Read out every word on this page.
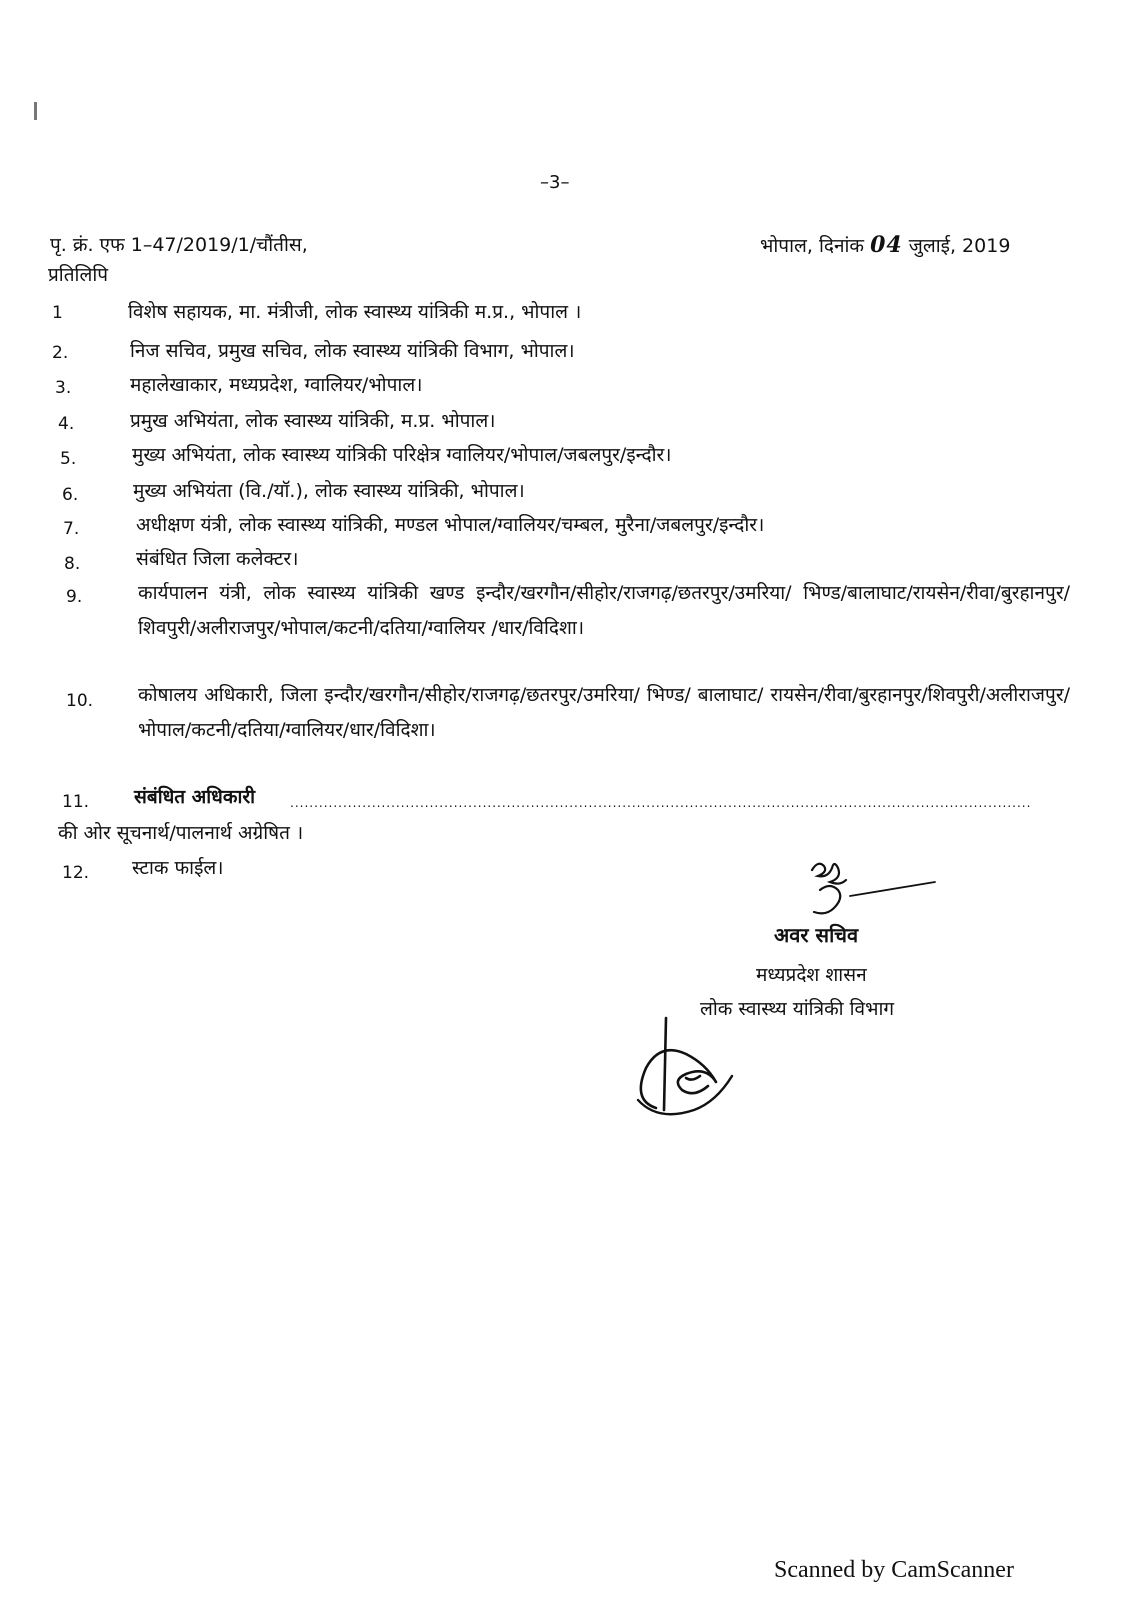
–3–
पृ. क्रं. एफ 1–47/2019/1/चौंतीस,	भोपाल, दिनांक 04 जुलाई, 2019
प्रतिलिपि
1	विशेष सहायक, मा. मंत्रीजी, लोक स्वास्थ्य यांत्रिकी म.प्र., भोपाल ।
2.	निज सचिव, प्रमुख सचिव, लोक स्वास्थ्य यांत्रिकी विभाग, भोपाल।
3.	महालेखाकार, मध्यप्रदेश, ग्वालियर/भोपाल।
4.	प्रमुख अभियंता, लोक स्वास्थ्य यांत्रिकी, म.प्र. भोपाल।
5.	मुख्य अभियंता, लोक स्वास्थ्य यांत्रिकी परिक्षेत्र ग्वालियर/भोपाल/जबलपुर/इन्दौर।
6.	मुख्य अभियंता (वि./यॉ.), लोक स्वास्थ्य यांत्रिकी, भोपाल।
7.	अधीक्षण यंत्री, लोक स्वास्थ्य यांत्रिकी, मण्डल भोपाल/ग्वालियर/चम्बल, मुरैना/जबलपुर/इन्दौर।
8.	संबंधित जिला कलेक्टर।
9.	कार्यपालन यंत्री, लोक स्वास्थ्य यांत्रिकी खण्ड इन्दौर/खरगौन/सीहोर/राजगढ़/छतरपुर/उमरिया/ भिण्ड/बालाघाट/रायसेन/रीवा/बुरहानपुर/शिवपुरी/अलीराजपुर/भोपाल/कटनी/दतिया/ग्वालियर /धार/विदिशा।
10. कोषालय अधिकारी, जिला इन्दौर/खरगौन/सीहोर/राजगढ़/छतरपुर/उमरिया/ भिण्ड/ बालाघाट/ रायसेन/रीवा/बुरहानपुर/शिवपुरी/अलीराजपुर/भोपाल/कटनी/दतिया/ग्वालियर/धार/विदिशा।
11. संबंधित अधिकारी	..........................................................................................................................................................
की ओर सूचनार्थ/पालनार्थ अग्रेषित ।
12. स्टाक फाईल।
अवर सचिव
मध्यप्रदेश शासन
लोक स्वास्थ्य यांत्रिकी विभाग
Scanned by CamScanner
